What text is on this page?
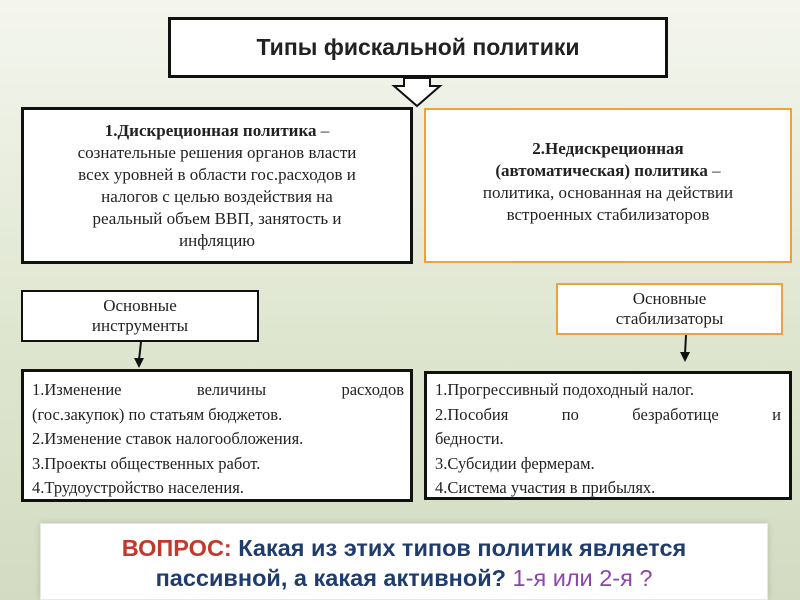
Типы фискальной политики
1.Дискреционная политика –
сознательные решения органов власти
всех уровней в области гос.расходов и
налогов с целью воздействия на
реальный объем ВВП, занятость и
инфляцию
2.Недискреционная
(автоматическая) политика –
политика, основанная на действии
встроенных стабилизаторов
Основные
инструменты
Основные
стабилизаторы
1.Изменение величины расходов
(гос.закупок) по статьям бюджетов.
2.Изменение ставок налогообложения.
3.Проекты общественных работ.
4.Трудоустройство населения.
1.Прогрессивный подоходный налог.
2.Пособия по безработице и
бедности.
3.Субсидии фермерам.
4.Система участия в прибылях.
ВОПРОС: Какая из этих типов политик является
пассивной, а какая активной? 1-я или 2-я ?
